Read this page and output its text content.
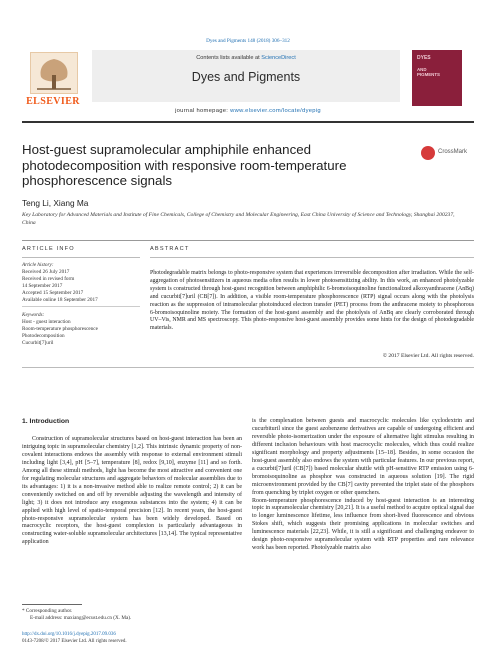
Dyes and Pigments 148 (2018) 306–312
ELSEVIER
Contents lists available at ScienceDirect
Dyes and Pigments
DYES
AND
PIGMENTS
journal homepage: www.elsevier.com/locate/dyepig
Host-guest supramolecular amphiphile enhanced photodecomposition with responsive room-temperature phosphorescence signals
CrossMark
Teng Li, Xiang Ma
Key Laboratory for Advanced Materials and Institute of Fine Chemicals, College of Chemistry and Molecular Engineering, East China University of Science and Technology, Shanghai 200237, China
ARTICLE INFO	ABSTRACT
Article history:
Received 26 July 2017
Received in revised form
14 September 2017
Accepted 15 September 2017
Available online 18 September 2017
Keywords:
Host - guest interaction
Room-temperature phosphorescence
Photodecomposition
Cucurbit[7]uril
Photodegradable matrix belongs to photo-responsive system that experiences irreversible decomposition after irradiation. While the self-aggregation of photosensitizers in aqueous media often results in lower photosensitizing ability. In this work, an enhanced photolyzable system is constructed through host-guest recognition between amphiphilic 6-bromoisoquinoline functionalized alkoxyanthracene (AnBq) and cucurbit[7]uril (CB[7]). In addition, a visible room-temperature phosphorescence (RTP) signal occurs along with the photolysis reaction as the suppression of intramolecular photoinduced electron transfer (PET) process from the anthracene moiety to phosphorous 6-bromoisoquinoline moiety. The formation of the host-guest assembly and the photolysis of AnBq are clearly corroborated through UV–Vis, NMR and MS spectroscopy. This photo-responsive host-guest assembly provides some hints for the design of photodegradable materials.
© 2017 Elsevier Ltd. All rights reserved.
1. Introduction
Construction of supramolecular structures based on host-guest interaction has been an intriguing topic in supramolecular chemistry [1,2]. This intrinsic dynamic property of non-covalent interactions endows the assembly with response to external environment stimuli including light [3,4], pH [5–7], temperature [8], redox [9,10], enzyme [11] and so forth. Among all these stimuli methods, light has become the most attractive and convenient one for regulating molecular structures and aggregate behaviors of molecular assemblies due to its advantages: 1) it is a non-invasive method able to realize remote control; 2) it can be conveniently switched on and off by reversible adjusting the wavelength and intensity of light; 3) it does not introduce any exogenous substances into the system; 4) it can be applied with high level of spatio-temporal precision [12]. In recent years, the host-guest photo-responsive supramolecular system has been widely developed. Based on macrocyclic receptors, the host-guest complexion is particularly advantageous in constructing water-soluble supramolecular architectures [13,14]. The typical representative application
is the complexation between guests and macrocyclic molecules like cyclodextrin and cucurbituril since the guest azobenzene derivatives are capable of undergoing efficient and reversible photo-isomerization under the exposure of alternative light stimulus resulting in different inclusion behaviours with host macrocyclic molecules, which thus could realize significant morphology and property adjustments [15–18]. Besides, in some occasion the host-guest assembly also endows the system with particular features. In our previous report, a cucurbit[7]uril (CB[7]) based molecular shuttle with pH-sensitive RTP emission using 6-bromoisoquinoline as phosphor was constructed in aqueous solution [19]. The rigid microenvironment provided by the CB[7] cavity prevented the triplet state of the phosphors from quenching by triplet oxygen or other quenchers.
Room-temperature phosphorescence induced by host-guest interaction is an interesting topic in supramolecular chemistry [20,21]. It is a useful method to acquire optical signal due to longer luminescence lifetime, less influence from short-lived fluorescence and obvious Stokes shift, which suggests their promising applications in molecular switches and luminescence materials [22,23]. While, it is still a significant and challenging endeavor to design photo-responsive supramolecular system with RTP properties and rare relevance work has been reported. Photolyzable matrix also
* Corresponding author.
E-mail address: maxiang@ecust.edu.cn (X. Ma).
http://dx.doi.org/10.1016/j.dyepig.2017.09.036
0143-7208/© 2017 Elsevier Ltd. All rights reserved.
